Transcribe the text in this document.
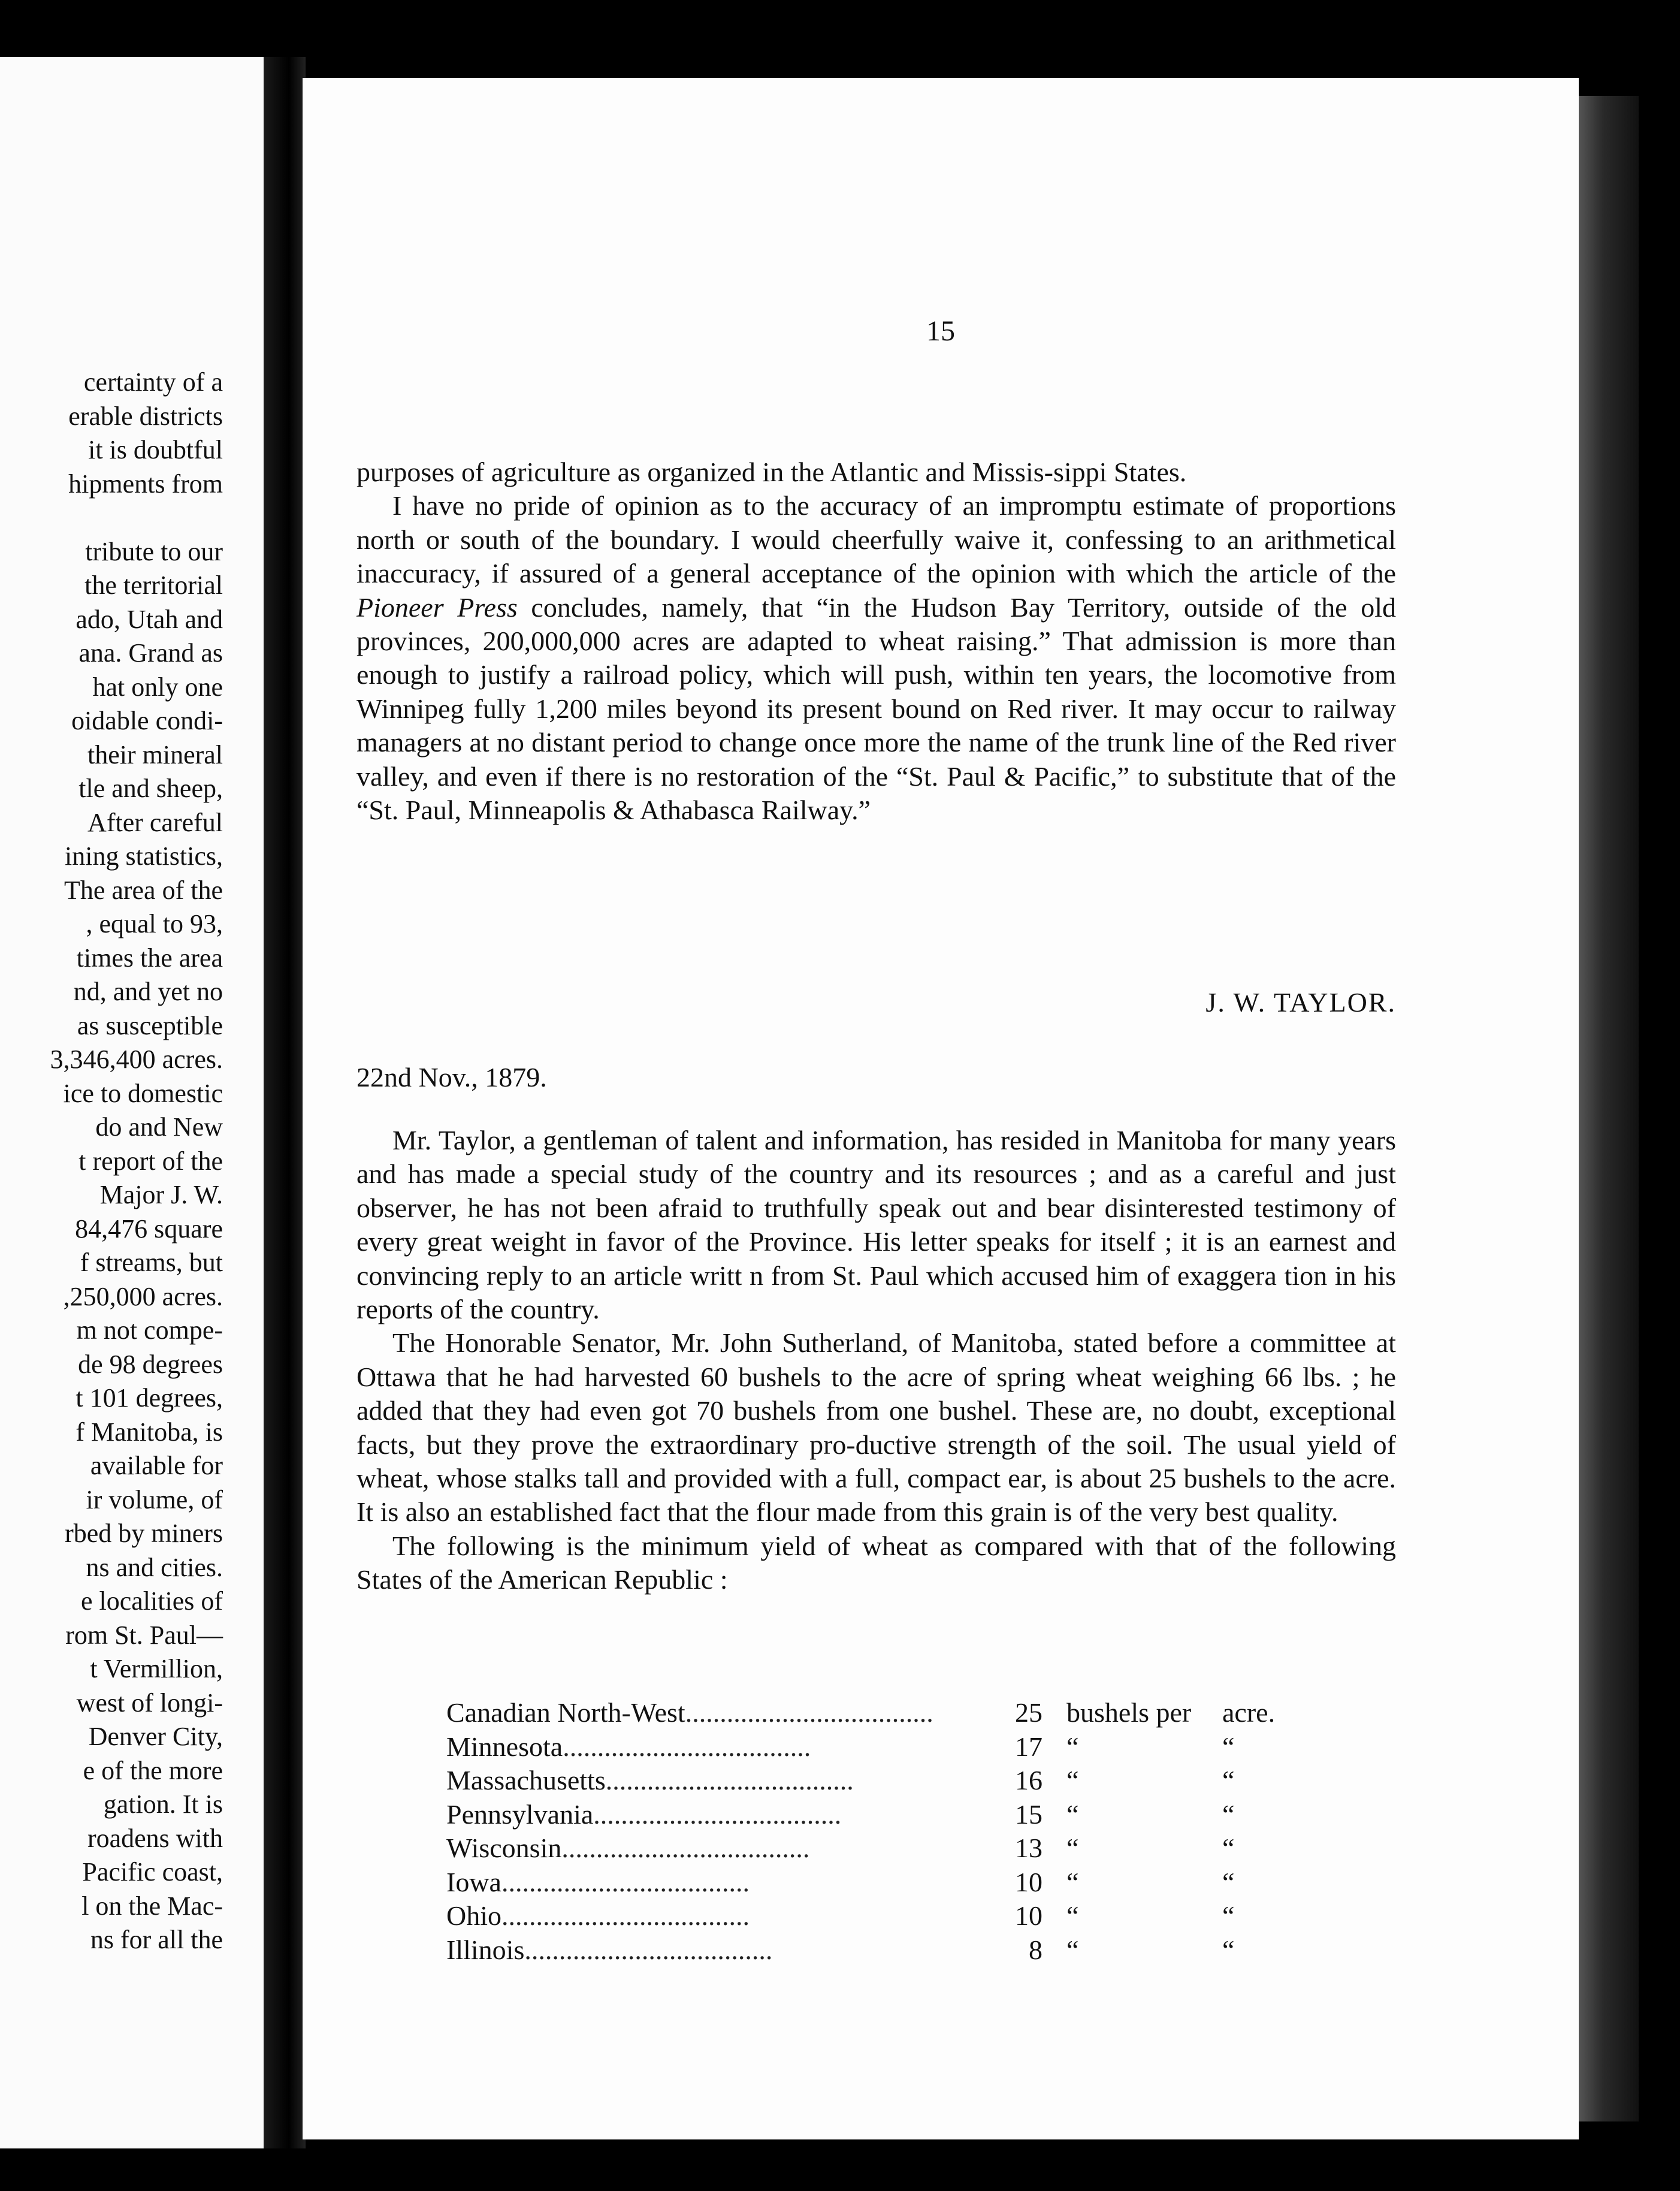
certainty of a
erable districts
it is doubtful
hipments from
tribute to our
the territorial
ado, Utah and
ana. Grand as
hat only one
oidable condi-
their mineral
tle and sheep,
After careful
ining statistics,
The area of the
, equal to 93,
times the area
nd, and yet no
as susceptible
3,346,400 acres.
ice to domestic
do and New
t report of the
Major J. W.
84,476 square
f streams, but
,250,000 acres.
m not compe-
de 98 degrees
t 101 degrees,
f Manitoba, is
available for
ir volume, of
rbed by miners
ns and cities.
e localities of
rom St. Paul—
t Vermillion,
west of longi-
Denver City,
e of the more
gation. It is
roadens with
Pacific coast,
l on the Mac-
ns for all the
15

purposes of agriculture as organized in the Atlantic and Missis-sippi States.

I have no pride of opinion as to the accuracy of an impromptu estimate of proportions north or south of the boundary. I would cheerfully waive it, confessing to an arithmetical inaccuracy, if assured of a general acceptance of the opinion with which the article of the Pioneer Press concludes, namely, that “in the Hudson Bay Territory, outside of the old provinces, 200,000,000 acres are adapted to wheat raising.” That admission is more than enough to justify a railroad policy, which will push, within ten years, the locomotive from Winnipeg fully 1,200 miles beyond its present bound on Red river. It may occur to railway managers at no distant period to change once more the name of the trunk line of the Red river valley, and even if there is no restoration of the “St. Paul & Pacific,” to substitute that of the “St. Paul, Minneapolis & Athabasca Railway.”

J. W. TAYLOR.
22nd Nov., 1879.

Mr. Taylor, a gentleman of talent and information, has resided in Manitoba for many years and has made a special study of the country and its resources ; and as a careful and just observer, he has not been afraid to truthfully speak out and bear disinterested testimony of every great weight in favor of the Province. His letter speaks for itself ; it is an earnest and convincing reply to an article writt n from St. Paul which accused him of exaggera tion in his reports of the country.

The Honorable Senator, Mr. John Sutherland, of Manitoba, stated before a committee at Ottawa that he had harvested 60 bushels to the acre of spring wheat weighing 66 lbs. ; he added that they had even got 70 bushels from one bushel. These are, no doubt, exceptional facts, but they prove the extraordinary pro-ductive strength of the soil. The usual yield of wheat, whose stalks tall and provided with a full, compact ear, is about 25 bushels to the acre. It is also an established fact that the flour made from this grain is of the very best quality.

The following is the minimum yield of wheat as compared with that of the following States of the American Republic :

Canadian North-West....................................	25	bushels per	acre.
Minnesota....................................	17	“	“
Massachusetts....................................	16	“	“
Pennsylvania....................................	15	“	“
Wisconsin....................................	13	“	“
Iowa....................................	10	“	“
Ohio....................................	10	“	“
Illinois....................................	8	“	“
